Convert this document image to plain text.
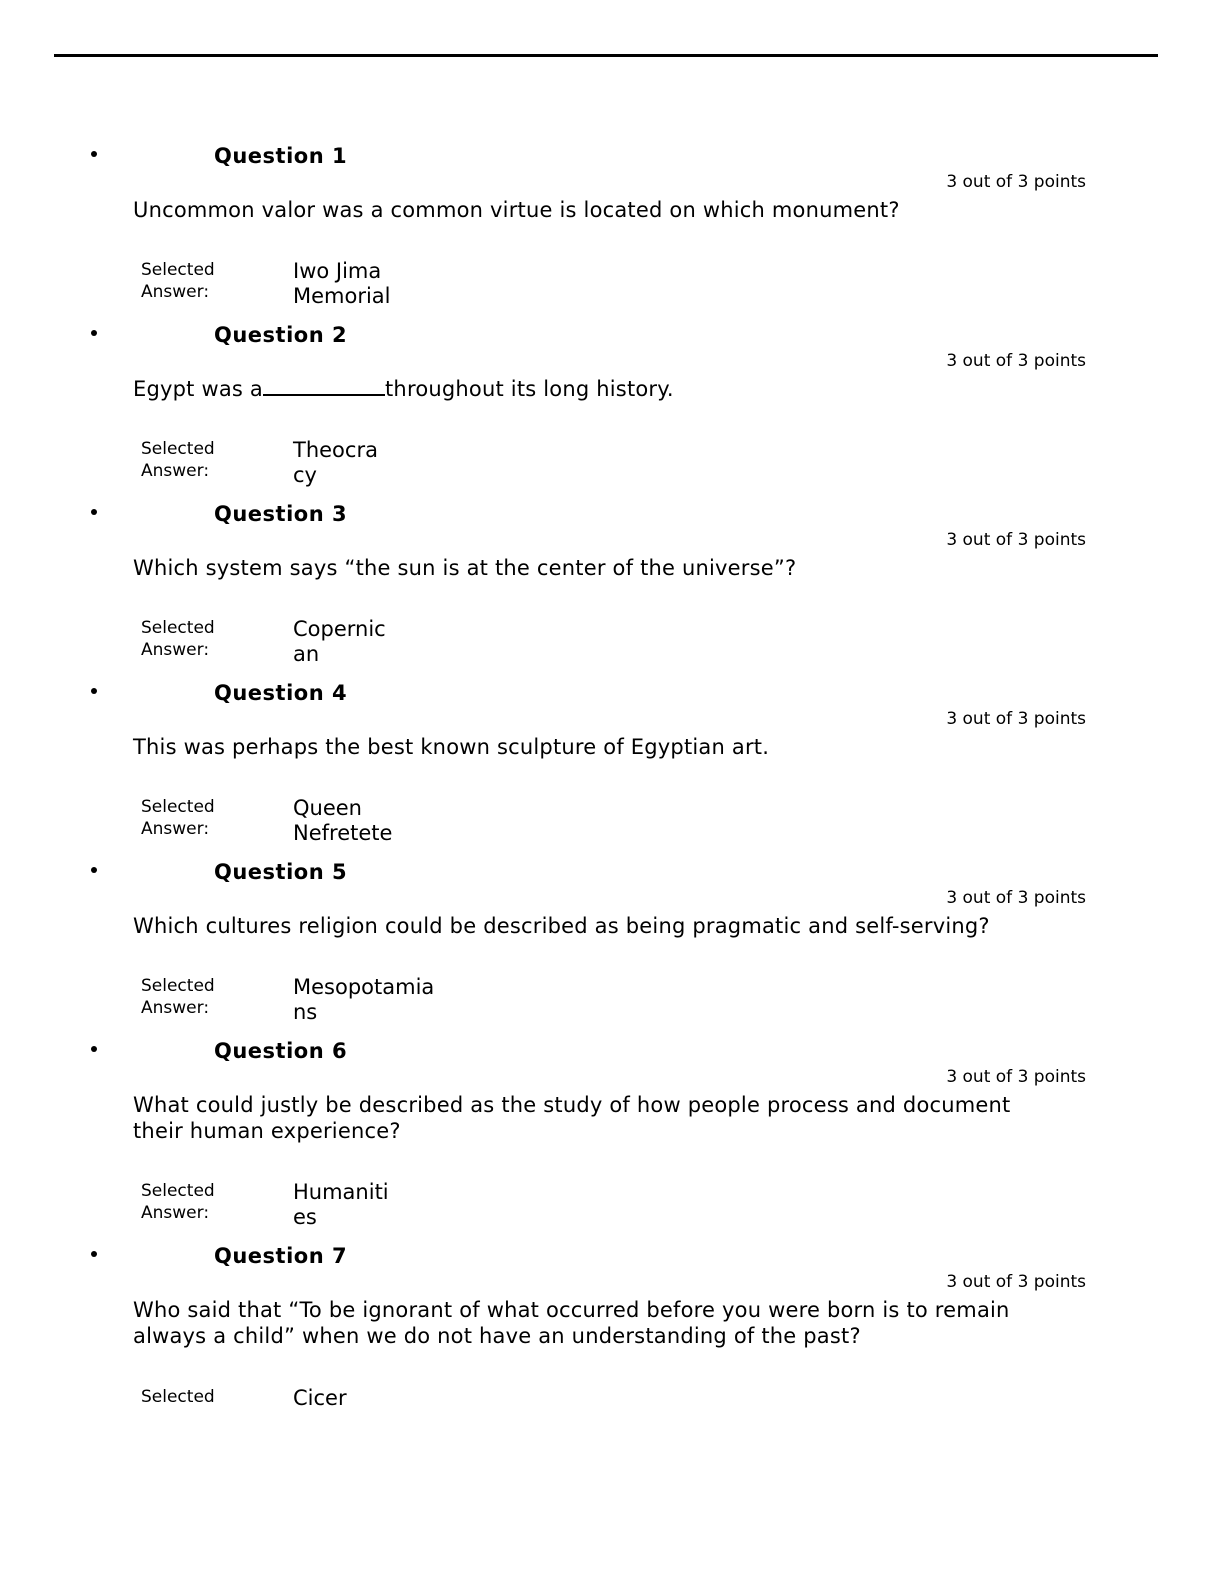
Question 1
3 out of 3 points
Uncommon valor was a common virtue is located on which monument?
Selected
Answer:
Iwo Jima
Memorial
Question 2
3 out of 3 points
Egypt was a	throughout its long history.
Selected
Answer:
Theocra
cy
Question 3
3 out of 3 points
Which system says “the sun is at the center of the universe”?
Selected
Answer:
Copernic
an
Question 4
3 out of 3 points
This was perhaps the best known sculpture of Egyptian art.
Selected
Answer:
Queen
Nefretete
Question 5
3 out of 3 points
Which cultures religion could be described as being pragmatic and self-serving?
Selected
Answer:
Mesopotamia
ns
Question 6
3 out of 3 points
What could justly be described as the study of how people process and document
their human experience?
Selected
Answer:
Humaniti
es
Question 7
3 out of 3 points
Who said that “To be ignorant of what occurred before you were born is to remain
always a child” when we do not have an understanding of the past?
Selected	Cicer
